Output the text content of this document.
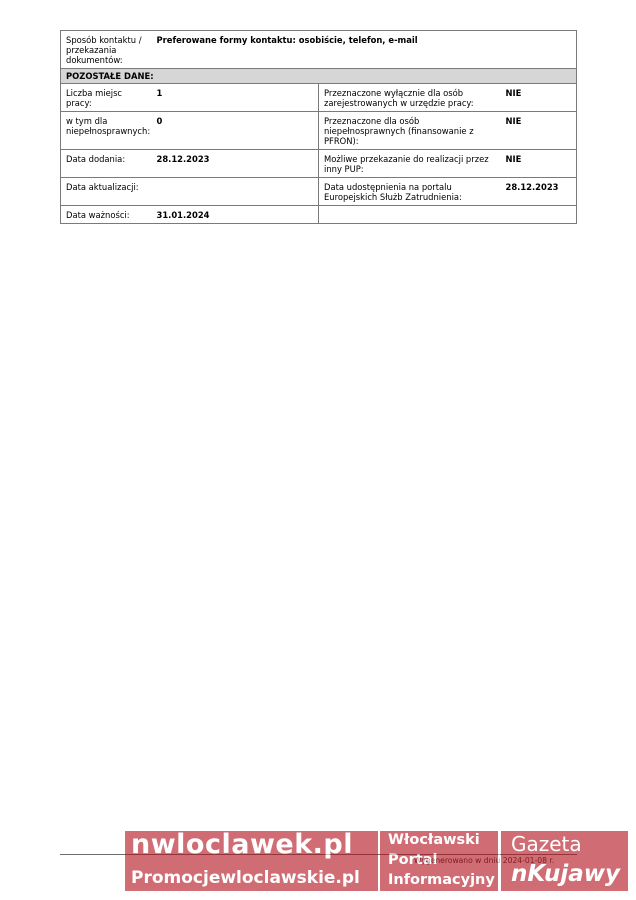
Sposób kontaktu / przekazania dokumentów:	Preferowane formy kontaktu: osobiście, telefon, e-mail		
POZOSTAŁE DANE:			
Liczba miejsc pracy:	1	Przeznaczone wyłącznie dla osób zarejestrowanych w urzędzie pracy:	NIE
w tym dla niepełnosprawnych:	0	Przeznaczone dla osób niepełnosprawnych (finansowanie z PFRON):	NIE
Data dodania:	28.12.2023	Możliwe przekazanie do realizacji przez inny PUP:	NIE
Data aktualizacji:		Data udostępnienia na portalu Europejskich Służb Zatrudnienia:	28.12.2023
Data ważności:	31.01.2024		
nwloclawek.pl
Promocjewloclawskie.pl
Włocławski
Portal
Informacyjny
Gazeta
nKujawy
